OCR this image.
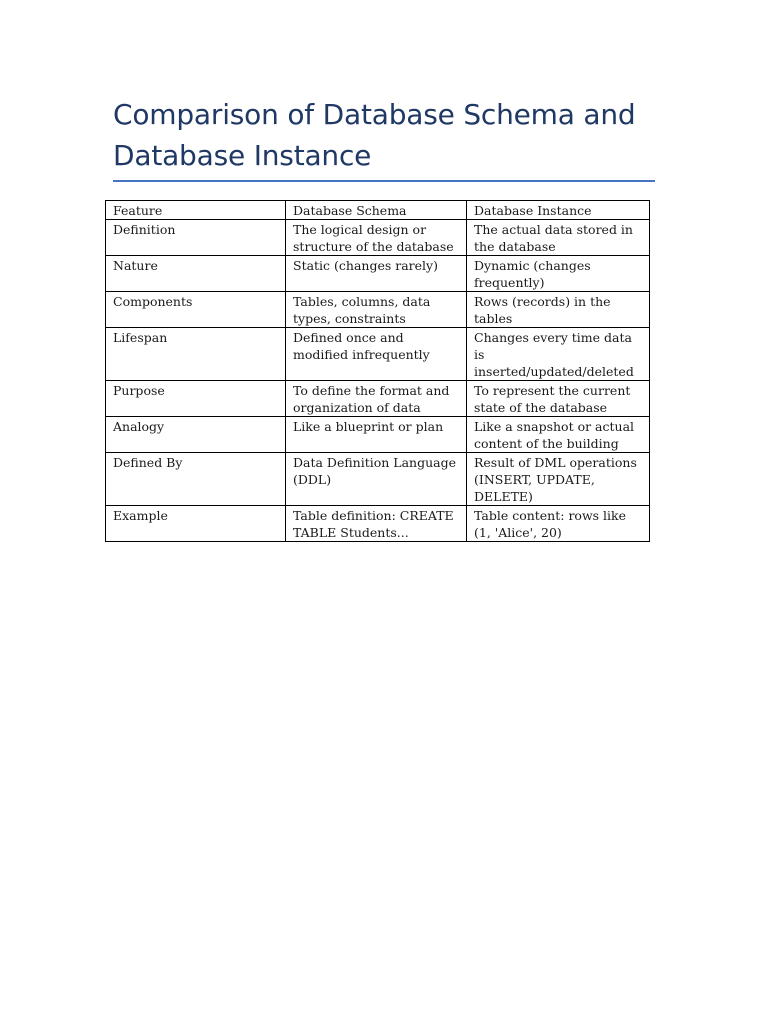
Comparison of Database Schema and Database Instance
Feature	Database Schema	Database Instance
Definition	The logical design or structure of the database	The actual data stored in the database
Nature	Static (changes rarely)	Dynamic (changes frequently)
Components	Tables, columns, data types, constraints	Rows (records) in the tables
Lifespan	Defined once and modified infrequently	Changes every time data is inserted/updated/deleted
Purpose	To define the format and organization of data	To represent the current state of the database
Analogy	Like a blueprint or plan	Like a snapshot or actual content of the building
Defined By	Data Definition Language (DDL)	Result of DML operations (INSERT, UPDATE, DELETE)
Example	Table definition: CREATE TABLE Students...	Table content: rows like (1, 'Alice', 20)
